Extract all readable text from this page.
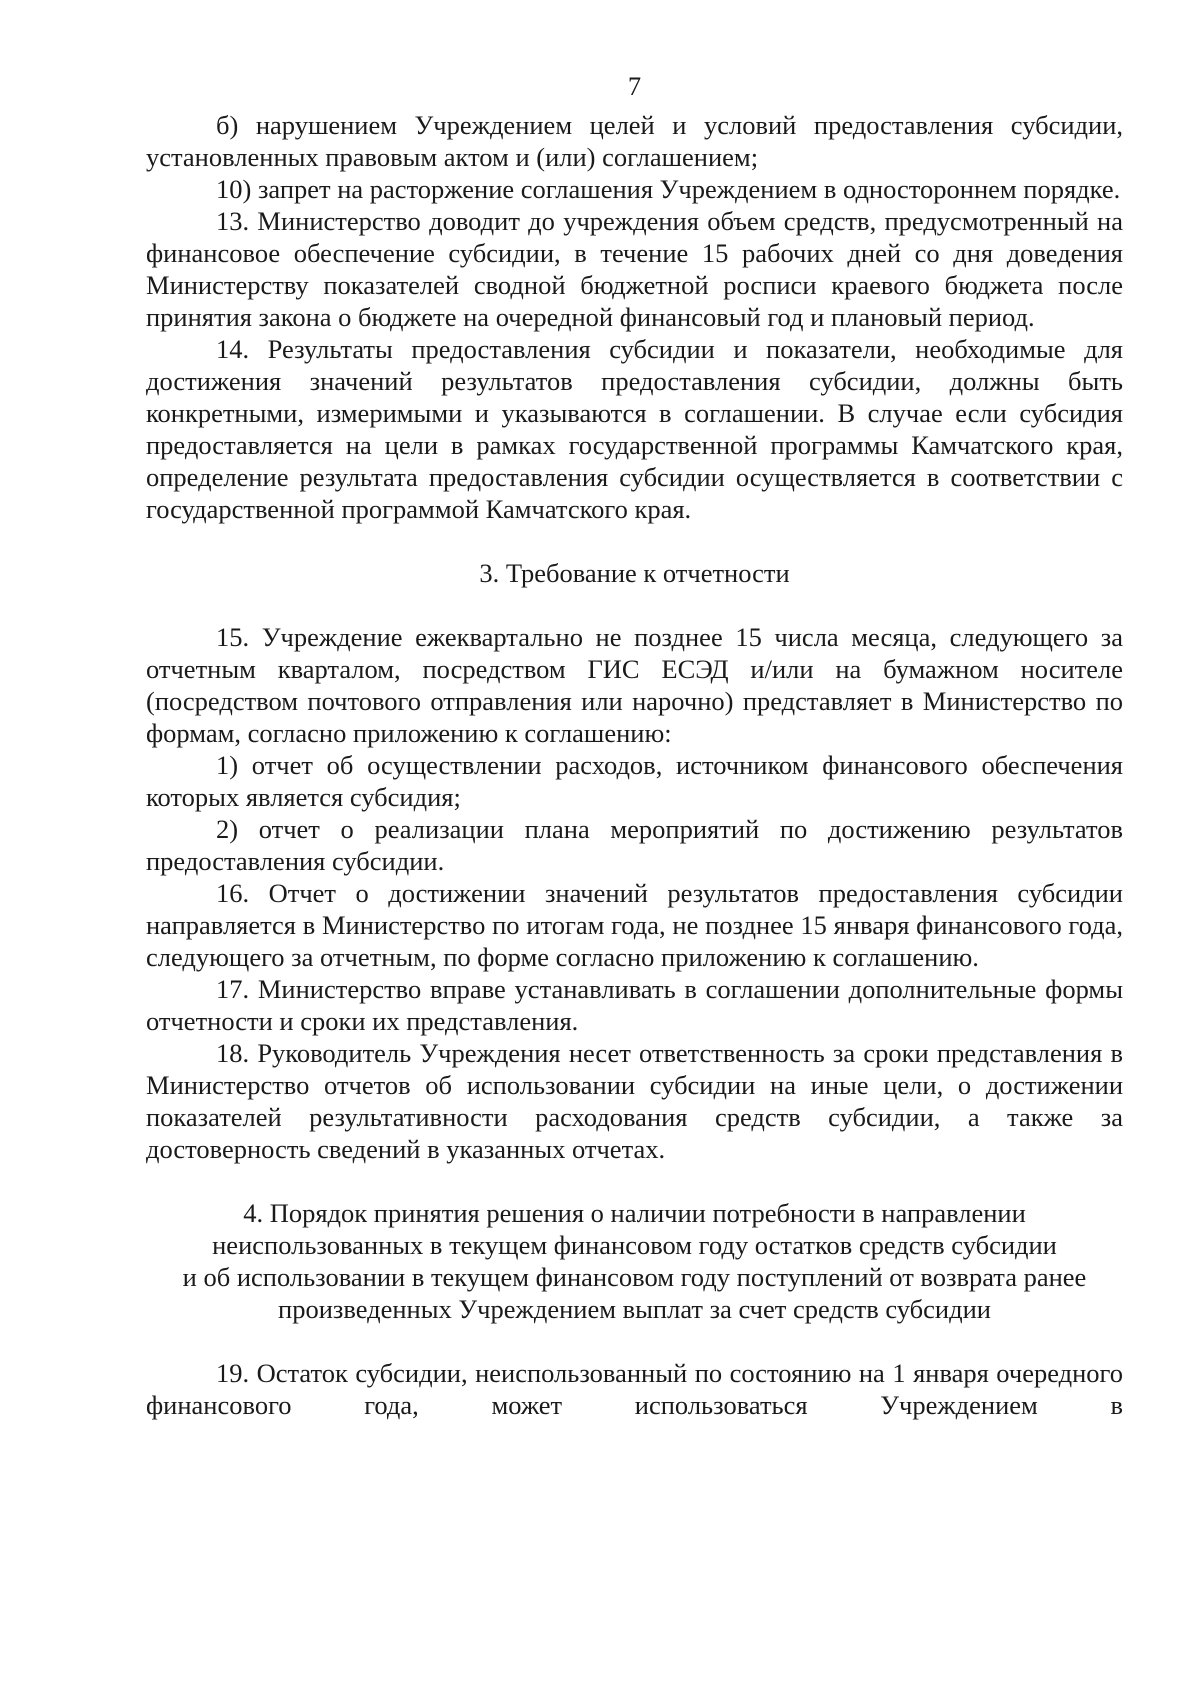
7

б) нарушением Учреждением целей и условий предоставления субсидии, установленных правовым актом и (или) соглашением;

10) запрет на расторжение соглашения Учреждением в одностороннем порядке.

13. Министерство доводит до учреждения объем средств, предусмотренный на финансовое обеспечение субсидии, в течение 15 рабочих дней со дня доведения Министерству показателей сводной бюджетной росписи краевого бюджета после принятия закона о бюджете на очередной финансовый год и плановый период.

14. Результаты предоставления субсидии и показатели, необходимые для достижения значений результатов предоставления субсидии, должны быть конкретными, измеримыми и указываются в соглашении. В случае если субсидия предоставляется на цели в рамках государственной программы Камчатского края, определение результата предоставления субсидии осуществляется в соответствии с государственной программой Камчатского края.

3. Требование к отчетности

15. Учреждение ежеквартально не позднее 15 числа месяца, следующего за отчетным кварталом, посредством ГИС ЕСЭД и/или на бумажном носителе (посредством почтового отправления или нарочно) представляет в Министерство по формам, согласно приложению к соглашению:

1) отчет об осуществлении расходов, источником финансового обеспечения которых является субсидия;

2) отчет о реализации плана мероприятий по достижению результатов предоставления субсидии.

16. Отчет о достижении значений результатов предоставления субсидии направляется в Министерство по итогам года, не позднее 15 января финансового года, следующего за отчетным, по форме согласно приложению к соглашению.

17. Министерство вправе устанавливать в соглашении дополнительные формы отчетности и сроки их представления.

18. Руководитель Учреждения несет ответственность за сроки представления в Министерство отчетов об использовании субсидии на иные цели, о достижении показателей результативности расходования средств субсидии, а также за достоверность сведений в указанных отчетах.

4. Порядок принятия решения о наличии потребности в направлении
неиспользованных в текущем финансовом году остатков средств субсидии
и об использовании в текущем финансовом году поступлений от возврата ранее
произведенных Учреждением выплат за счет средств субсидии

19. Остаток субсидии, неиспользованный по состоянию на 1 января очередного финансового года, может использоваться Учреждением в
